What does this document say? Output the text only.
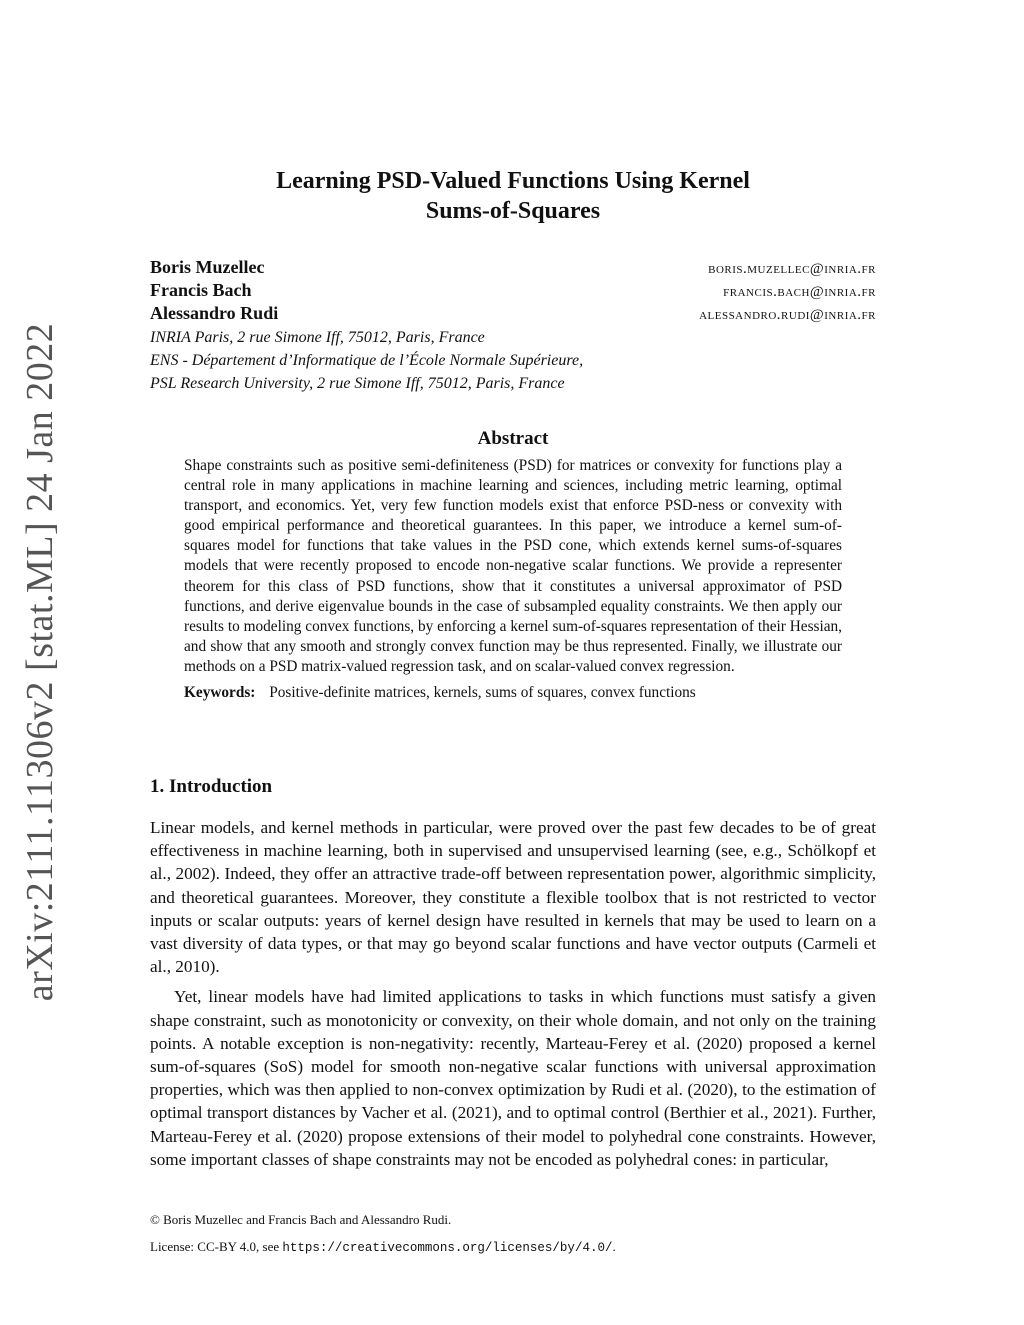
arXiv:2111.11306v2 [stat.ML] 24 Jan 2022
Learning PSD-Valued Functions Using Kernel
Sums-of-Squares
Boris Muzellec	boris.muzellec@inria.fr
Francis Bach	francis.bach@inria.fr
Alessandro Rudi	alessandro.rudi@inria.fr
INRIA Paris, 2 rue Simone Iff, 75012, Paris, France
ENS - Département d’Informatique de l’École Normale Supérieure,
PSL Research University, 2 rue Simone Iff, 75012, Paris, France
Abstract
Shape constraints such as positive semi-definiteness (PSD) for matrices or convexity for functions play a central role in many applications in machine learning and sciences, including metric learning, optimal transport, and economics. Yet, very few function models exist that enforce PSD-ness or convexity with good empirical performance and theoretical guarantees. In this paper, we introduce a kernel sum-of-squares model for functions that take values in the PSD cone, which extends kernel sums-of-squares models that were recently proposed to encode non-negative scalar functions. We provide a representer theorem for this class of PSD functions, show that it constitutes a universal approximator of PSD functions, and derive eigenvalue bounds in the case of subsampled equality constraints. We then apply our results to modeling convex functions, by enforcing a kernel sum-of-squares representation of their Hessian, and show that any smooth and strongly convex function may be thus represented. Finally, we illustrate our methods on a PSD matrix-valued regression task, and on scalar-valued convex regression.
Keywords: Positive-definite matrices, kernels, sums of squares, convex functions
1. Introduction

Linear models, and kernel methods in particular, were proved over the past few decades to be of great effectiveness in machine learning, both in supervised and unsupervised learning (see, e.g., Schölkopf et al., 2002). Indeed, they offer an attractive trade-off between representation power, algorithmic simplicity, and theoretical guarantees. Moreover, they constitute a flexible toolbox that is not restricted to vector inputs or scalar outputs: years of kernel design have resulted in kernels that may be used to learn on a vast diversity of data types, or that may go beyond scalar functions and have vector outputs (Carmeli et al., 2010).

Yet, linear models have had limited applications to tasks in which functions must satisfy a given shape constraint, such as monotonicity or convexity, on their whole domain, and not only on the training points. A notable exception is non-negativity: recently, Marteau-Ferey et al. (2020) proposed a kernel sum-of-squares (SoS) model for smooth non-negative scalar functions with universal approximation properties, which was then applied to non-convex optimization by Rudi et al. (2020), to the estimation of optimal transport distances by Vacher et al. (2021), and to optimal control (Berthier et al., 2021). Further, Marteau-Ferey et al. (2020) propose extensions of their model to polyhedral cone constraints. However, some important classes of shape constraints may not be encoded as polyhedral cones: in particular,

© Boris Muzellec and Francis Bach and Alessandro Rudi.
License: CC-BY 4.0, see https://creativecommons.org/licenses/by/4.0/.
